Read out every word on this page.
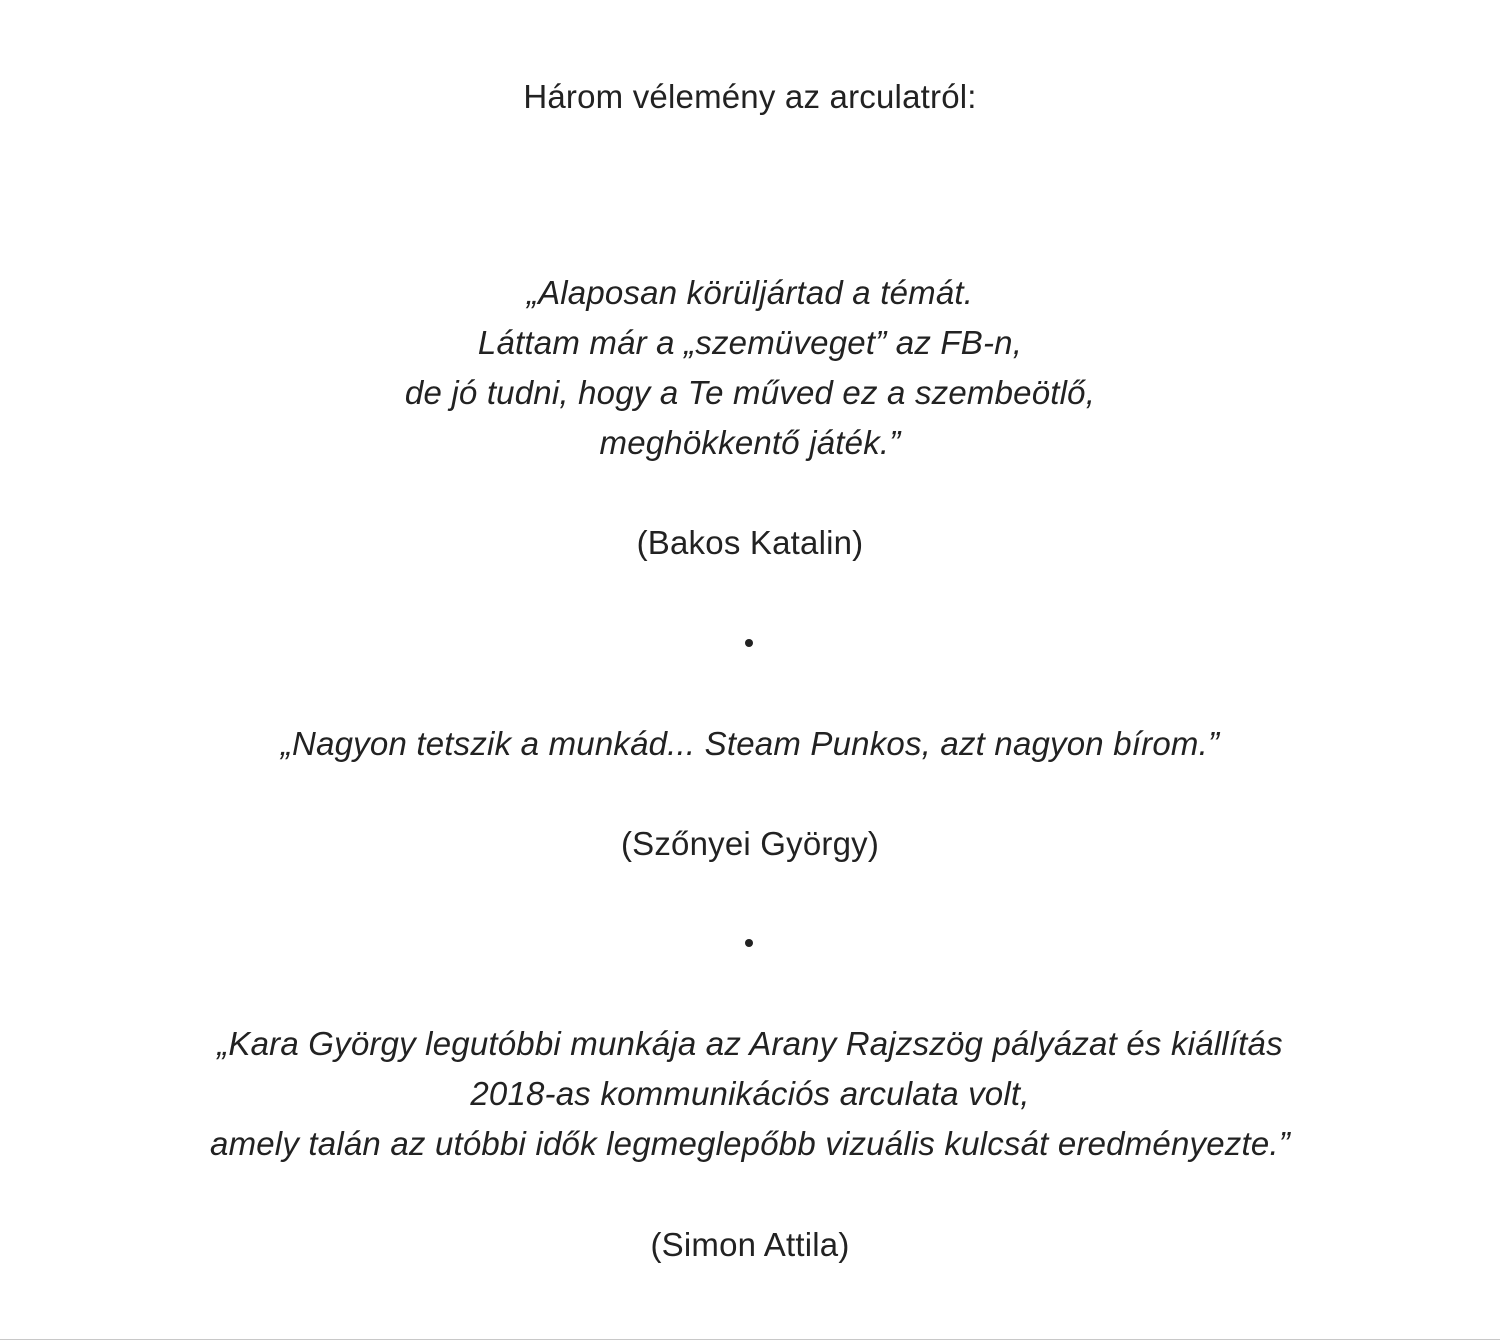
Három vélemény az arculatról:
„Alaposan körüljártad a témát.
Láttam már a „szemüveget” az FB-n,
de jó tudni, hogy a Te műved ez a szembeötlő,
meghökkentő játék.”
(Bakos Katalin)
„Nagyon tetszik a munkád... Steam Punkos, azt nagyon bírom.”
(Szőnyei György)
„Kara György legutóbbi munkája az Arany Rajzszög pályázat és kiállítás
2018-as kommunikációs arculata volt,
amely talán az utóbbi idők legmeglepőbb vizuális kulcsát eredményezte.”
(Simon Attila)
